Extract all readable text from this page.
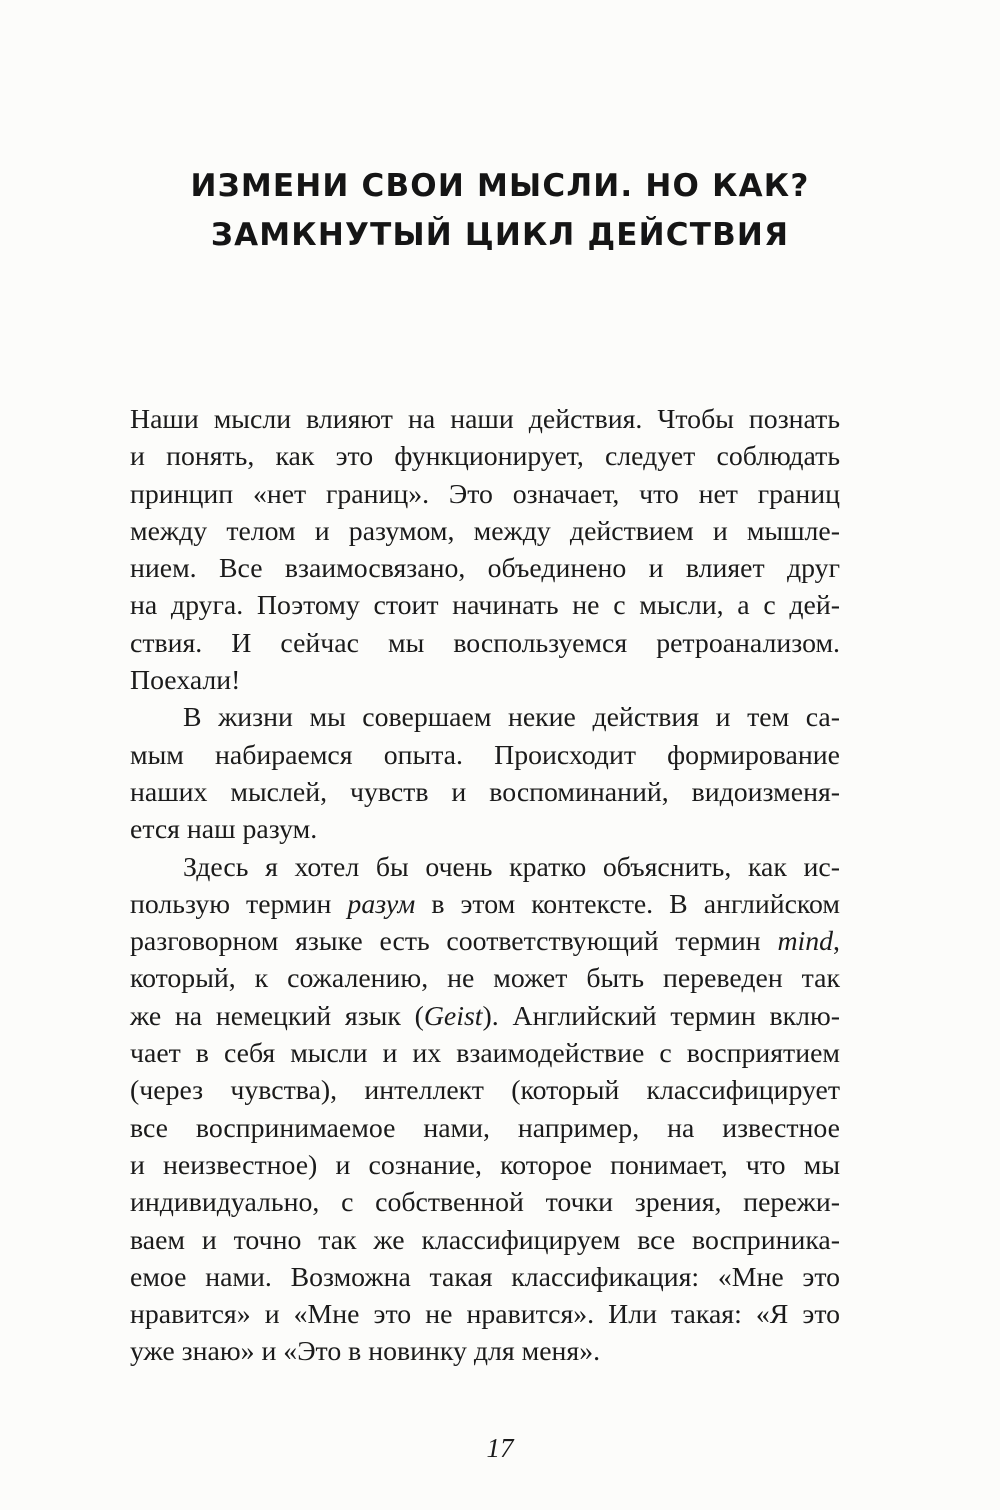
ИЗМЕНИ СВОИ МЫСЛИ. НО КАК?
ЗАМКНУТЫЙ ЦИКЛ ДЕЙСТВИЯ
Наши мысли влияют на наши действия. Чтобы познать
и понять, как это функционирует, следует соблюдать
принцип «нет границ». Это означает, что нет границ
между телом и разумом, между действием и мышле-
нием. Все взаимосвязано, объединено и влияет друг
на друга. Поэтому стоит начинать не с мысли, а с дей-
ствия. И сейчас мы воспользуемся ретроанализом.
Поехали!
В жизни мы совершаем некие действия и тем са-
мым набираемся опыта. Происходит формирование
наших мыслей, чувств и воспоминаний, видоизменя-
ется наш разум.
Здесь я хотел бы очень кратко объяснить, как ис-
пользую термин разум в этом контексте. В английском
разговорном языке есть соответствующий термин mind,
который, к сожалению, не может быть переведен так
же на немецкий язык (Geist). Английский термин вклю-
чает в себя мысли и их взаимодействие с восприятием
(через чувства), интеллект (который классифицирует
все воспринимаемое нами, например, на известное
и неизвестное) и сознание, которое понимает, что мы
индивидуально, с собственной точки зрения, пережи-
ваем и точно так же классифицируем все восприника-
емое нами. Возможна такая классификация: «Мне это
нравится» и «Мне это не нравится». Или такая: «Я это
уже знаю» и «Это в новинку для меня».
17
